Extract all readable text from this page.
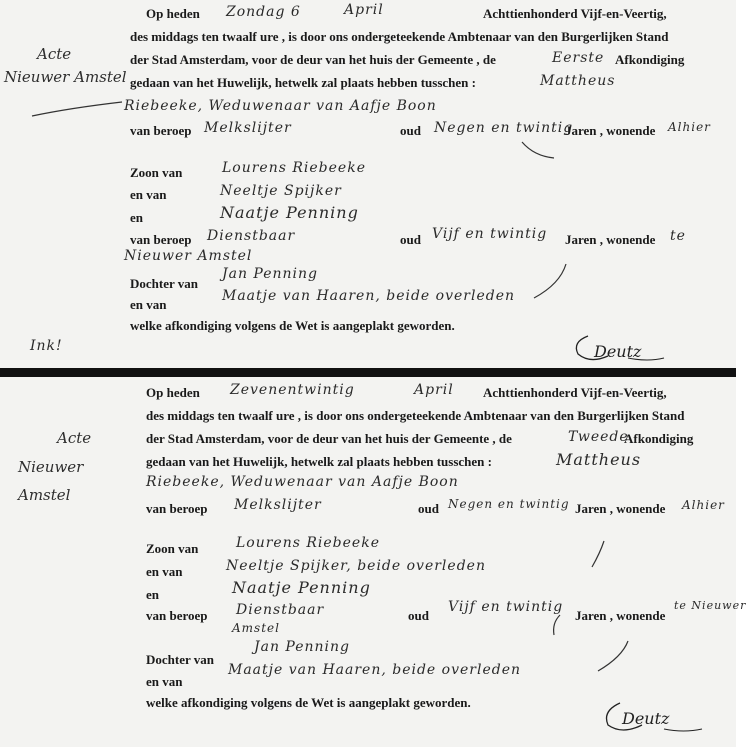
Op heden Zondag 6	April	Achttienhonderd Vijf-en-Veertig,
des middags ten twaalf ure , is door ons ondergeteekende Ambtenaar van den Burgerlijken Stand
Acte
Nieuwer Amstel
der Stad Amsterdam, voor de deur van het huis der Gemeente , de	Eerste Afkondiging
gedaan van het Huwelijk, hetwelk zal plaats hebben tusschen :	Mattheus
Riebeeke, Weduwenaar van Aafje Boon
van beroep Melkslijter	oud Negen en twintig
Jaren , wonende Alhier
Zoon van	Lourens Riebeeke
en van	Neeltje Spijker
en	Naatje Penning
van beroep Dienstbaar	oud Vijf en twintig Jaren , wonende te
Nieuwer Amstel
Dochter van
Jan Penning
en van
Maatje van Haaren, beide overleden
welke afkondiging volgens de Wet is aangeplakt geworden.
Ink!	Deutz
Op heden Zevenentwintig	April Achttienhonderd Vijf-en-Veertig,
des middags ten twaalf ure , is door ons ondergeteekende Ambtenaar van den Burgerlijken Stand
Acte
Nieuwer
Amstel
der Stad Amsterdam, voor de deur van het huis der Gemeente , de	Tweede
Afkondiging
gedaan van het Huwelijk, hetwelk zal plaats hebben tusschen :	Mattheus
Riebeeke, Weduwenaar van Aafje Boon
van beroep Melkslijter	oud Negen en twintig Jaren , wonende Alhier
Zoon van	Lourens Riebeeke
en van	Neeltje Spijker, beide overleden
en	Naatje Penning
van beroep Dienstbaar	oud
Vijf en twintig
Jaren , wonende
te Nieuwer
Amstel
Dochter van
Jan Penning
en van
Maatje van Haaren, beide overleden
welke afkondiging volgens de Wet is aangeplakt geworden.
Deutz
